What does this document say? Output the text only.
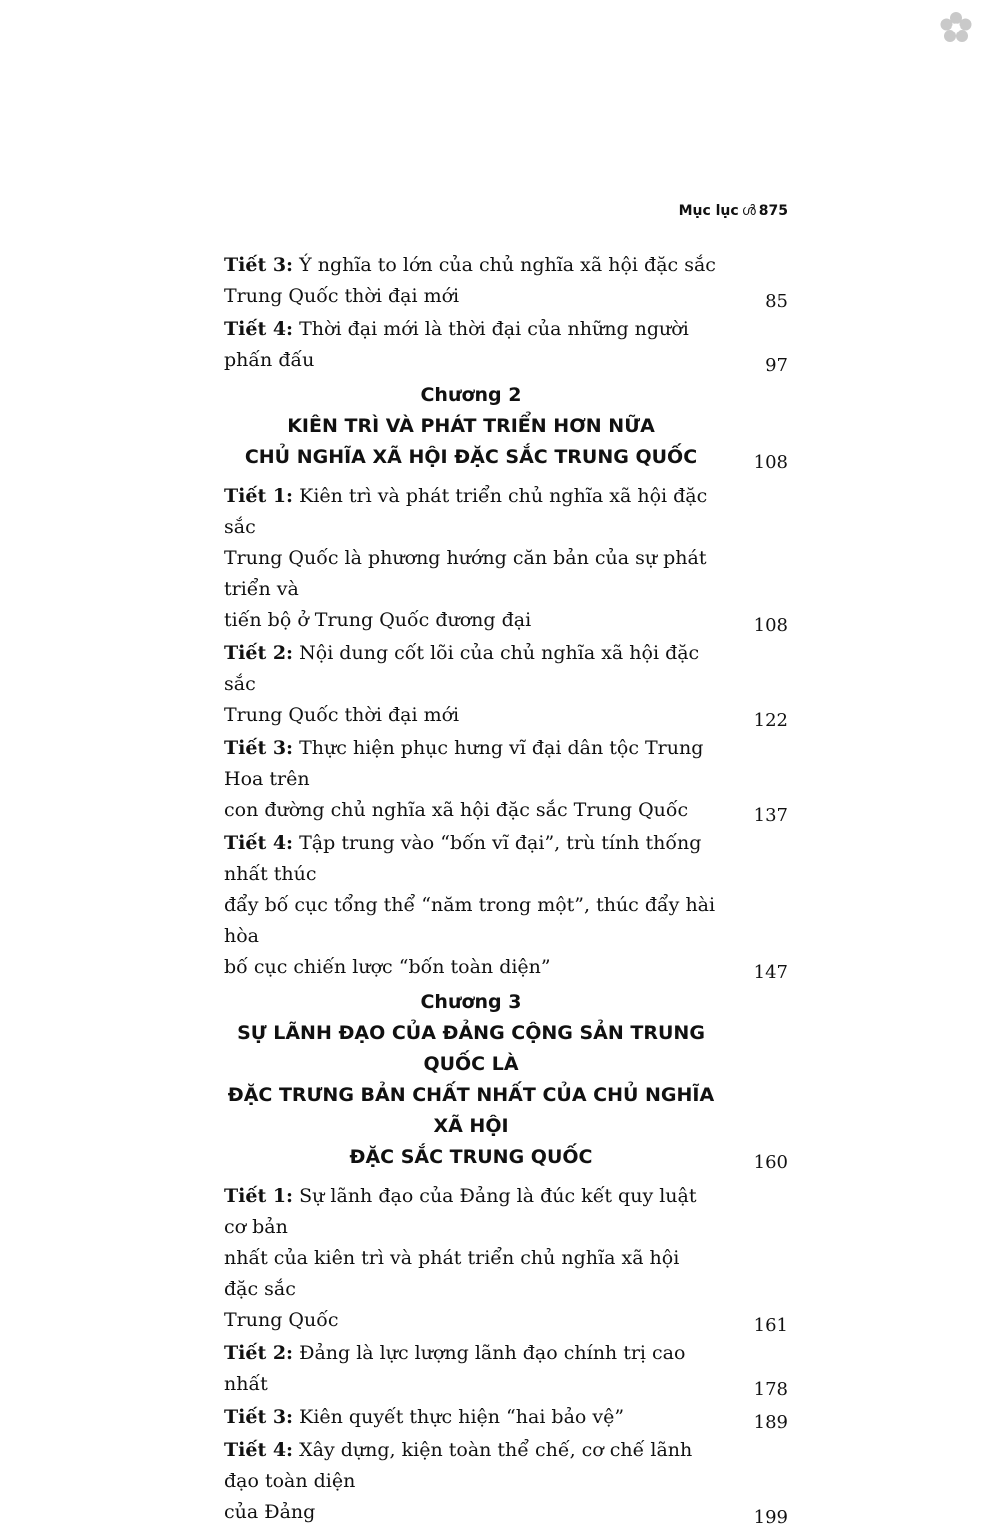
Mục lục ൾ 875
Tiết 3: Ý nghĩa to lớn của chủ nghĩa xã hội đặc sắc
Trung Quốc thời đại mới	85
Tiết 4: Thời đại mới là thời đại của những người phấn đấu	97
Chương 2
KIÊN TRÌ VÀ PHÁT TRIỂN HƠN NỮA
CHỦ NGHĨA XÃ HỘI ĐẶC SẮC TRUNG QUỐC	108
Tiết 1: Kiên trì và phát triển chủ nghĩa xã hội đặc sắc
Trung Quốc là phương hướng căn bản của sự phát triển và
tiến bộ ở Trung Quốc đương đại	108
Tiết 2: Nội dung cốt lõi của chủ nghĩa xã hội đặc sắc
Trung Quốc thời đại mới	122
Tiết 3: Thực hiện phục hưng vĩ đại dân tộc Trung Hoa trên
con đường chủ nghĩa xã hội đặc sắc Trung Quốc	137
Tiết 4: Tập trung vào “bốn vĩ đại”, trù tính thống nhất thúc
đẩy bố cục tổng thể “năm trong một”, thúc đẩy hài hòa
bố cục chiến lược “bốn toàn diện”	147
Chương 3
SỰ LÃNH ĐẠO CỦA ĐẢNG CỘNG SẢN TRUNG QUỐC LÀ
ĐẶC TRƯNG BẢN CHẤT NHẤT CỦA CHỦ NGHĨA XÃ HỘI
ĐẶC SẮC TRUNG QUỐC	160
Tiết 1: Sự lãnh đạo của Đảng là đúc kết quy luật cơ bản
nhất của kiên trì và phát triển chủ nghĩa xã hội đặc sắc
Trung Quốc	161
Tiết 2: Đảng là lực lượng lãnh đạo chính trị cao nhất	178
Tiết 3: Kiên quyết thực hiện “hai bảo vệ”	189
Tiết 4: Xây dựng, kiện toàn thể chế, cơ chế lãnh đạo toàn diện
của Đảng	199
